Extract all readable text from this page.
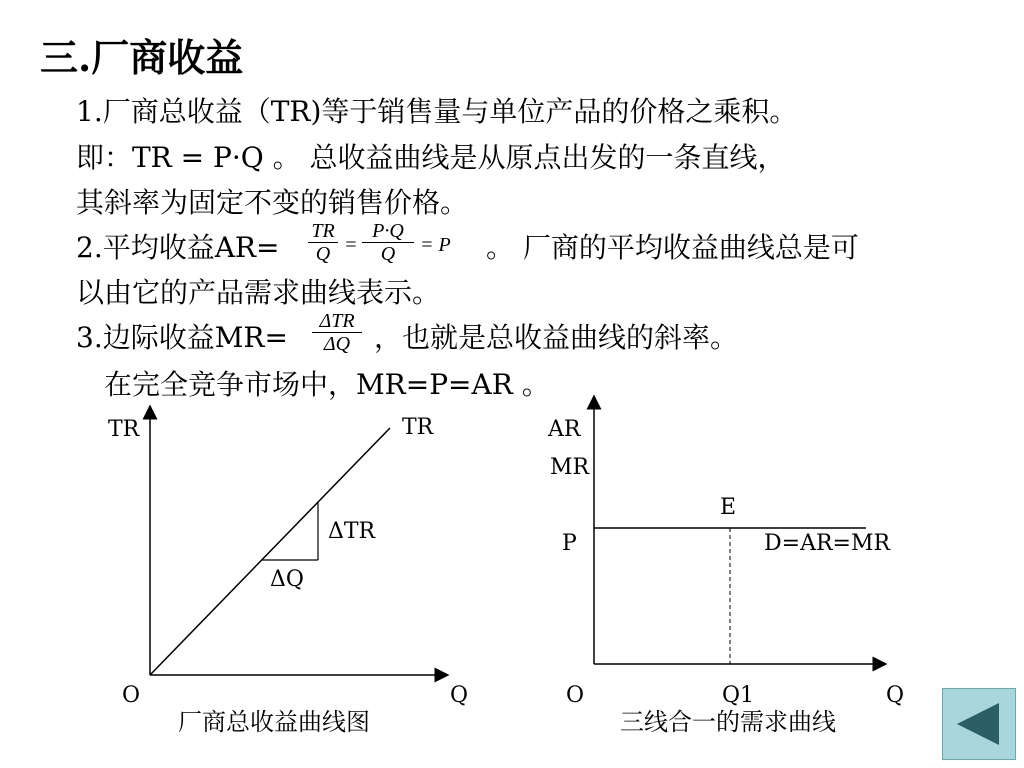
三.厂商收益
1.厂商总收益（TR)等于销售量与单位产品的价格之乘积。
即：TR = P·Q 。 总收益曲线是从原点出发的一条直线，
其斜率为固定不变的销售价格。
2.平均收益AR= TR
Q =
P·Q
Q	= P 。 厂商的平均收益曲线总是可
以由它的产品需求曲线表示。
3.边际收益MR=	ΔTR
ΔQ ，也就是总收益曲线的斜率。
在完全竞争市场中，MR=P=AR 。
TR	TR
ΔTR
ΔQ
O	Q
厂商总收益曲线图
AR
MR
E
P	D=AR=MR
O	Q1	Q
三线合一的需求曲线
